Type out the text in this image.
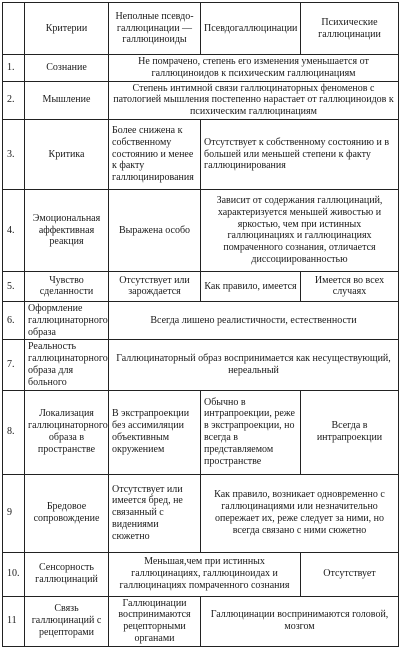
	Критерии	Неполные псевдо-галлюцинации — галлюциноиды	Псевдогаллюцинации	Психические галлюцинации
1.	Сознание	Не помрачено, степень его изменения уменьшается от галлюциноидов к психическим галлюцинациям		
2.	Мышление	Степень интимной связи галлюцинаторных феноменов с патологией мышления постепенно нарастает от галлюциноидов к психическим галлюцинациям		
3.	Критика	Более снижена к собственному состоянию и менее к факту галлюцинирования	Отсутствует к собственному состоянию и в большей или меньшей степени к факту галлюцинирования	
4.	Эмоциональная аффективная реакция	Выражена особо	Зависит от содержания галлюцинаций, характеризуется меньшей живостью и яркостью, чем при истинных галлюцинациях и галлюцинациях помраченного сознания, отличается диссоциированностью	
5.	Чувство сделанности	Отсутствует или зарождается	Как правило, имеется	Имеется во всех случаях
6.	Оформление галлюцинаторного образа	Всегда лишено реалистичности, естественности		
7.	Реальность галлюцинаторного образа для больного	Галлюцинаторный образ воспринимается как несуществующий, нереальный		
8.	Локализация галлюцинаторного образа в пространстве	В экстрапроекции без ассимиляции объективным окружением	Обычно в интрапроекции, реже в экстрапроекции, но всегда в представляемом пространстве	Всегда в интрапроекции
9	Бредовое сопровождение	Отсутствует или имеется бред, не связанный с видениями сюжетно	Как правило, возникает одновременно с галлюцинациями или незначительно опережает их, реже следует за ними, но всегда связано с ними сюжетно	
10.	Сенсорность галлюцинаций	Меньшая,чем при истинных галлюцинациях, галлюциноидах и галлюцинациях помраченного сознания		Отсутствует
11	Связь галлюцинаций с рецепторами	Галлюцинации воспринимаются рецепторными органами	Галлюцинации воспринимаются головой, мозгом	
